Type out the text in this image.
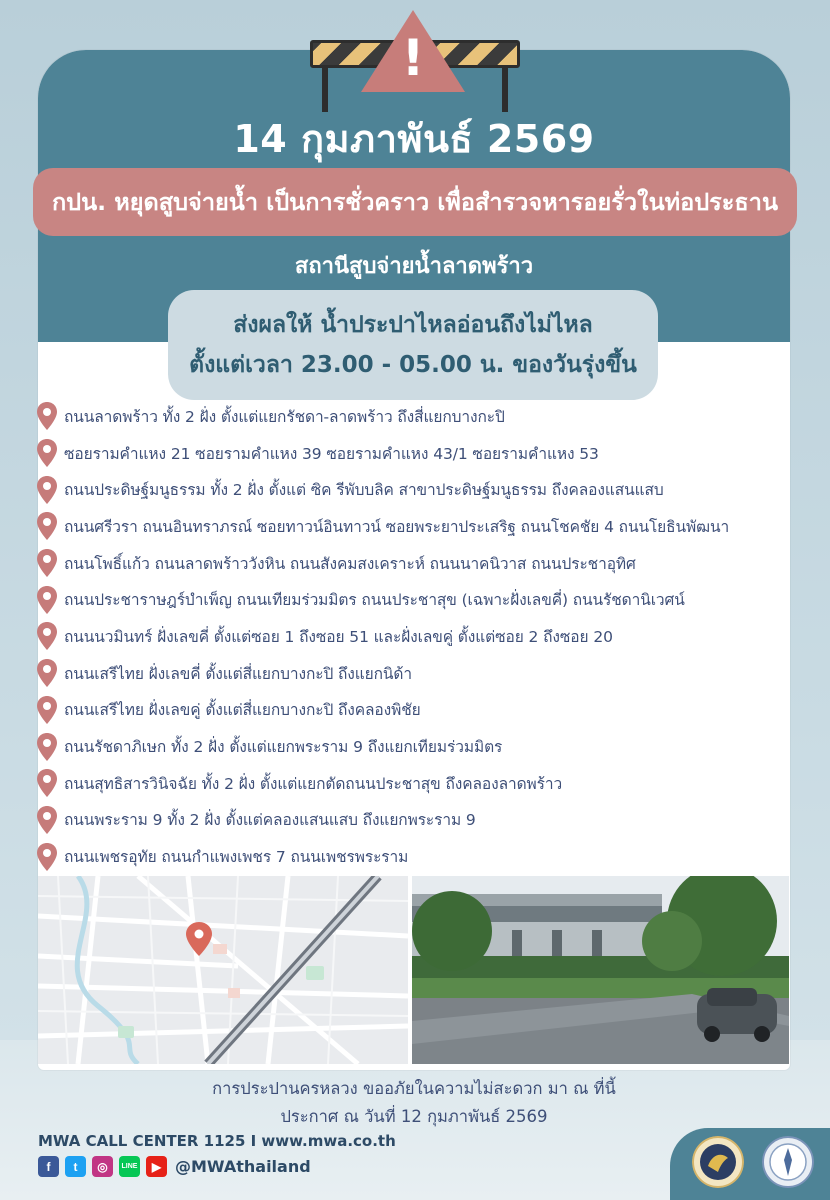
!
14 กุมภาพันธ์ 2569
กปน. หยุดสูบจ่ายน้ำ เป็นการชั่วคราว เพื่อสำรวจหารอยรั่วในท่อประธาน
สถานีสูบจ่ายน้ำลาดพร้าว
ส่งผลให้ น้ำประปาไหลอ่อนถึงไม่ไหล
ตั้งแต่เวลา 23.00 - 05.00 น. ของวันรุ่งขึ้น
ถนนลาดพร้าว ทั้ง 2 ฝั่ง ตั้งแต่แยกรัชดา-ลาดพร้าว ถึงสี่แยกบางกะปิ
ซอยรามคำแหง 21 ซอยรามคำแหง 39 ซอยรามคำแหง 43/1 ซอยรามคำแหง 53
ถนนประดิษฐ์มนูธรรม ทั้ง 2 ฝั่ง ตั้งแต่ ซิค รีพับบลิค สาขาประดิษฐ์มนูธรรม ถึงคลองแสนแสบ
ถนนศรีวรา ถนนอินทราภรณ์ ซอยทาวน์อินทาวน์ ซอยพระยาประเสริฐ ถนนโชคชัย 4 ถนนโยธินพัฒนา
ถนนโพธิ์แก้ว ถนนลาดพร้าววังหิน ถนนสังคมสงเคราะห์ ถนนนาคนิวาส ถนนประชาอุทิศ
ถนนประชาราษฎร์บำเพ็ญ ถนนเทียมร่วมมิตร ถนนประชาสุข (เฉพาะฝั่งเลขคี่) ถนนรัชดานิเวศน์
ถนนนวมินทร์ ฝั่งเลขคี่ ตั้งแต่ซอย 1 ถึงซอย 51 และฝั่งเลขคู่ ตั้งแต่ซอย 2 ถึงซอย 20
ถนนเสรีไทย ฝั่งเลขคี่ ตั้งแต่สี่แยกบางกะปิ ถึงแยกนิด้า
ถนนเสรีไทย ฝั่งเลขคู่ ตั้งแต่สี่แยกบางกะปิ ถึงคลองพิชัย
ถนนรัชดาภิเษก ทั้ง 2 ฝั่ง ตั้งแต่แยกพระราม 9 ถึงแยกเทียมร่วมมิตร
ถนนสุทธิสารวินิจฉัย ทั้ง 2 ฝั่ง ตั้งแต่แยกตัดถนนประชาสุข ถึงคลองลาดพร้าว
ถนนพระราม 9 ทั้ง 2 ฝั่ง ตั้งแต่คลองแสนแสบ ถึงแยกพระราม 9
ถนนเพชรอุทัย ถนนกำแพงเพชร 7 ถนนเพชรพระราม
การประปานครหลวง ขออภัยในความไม่สะดวก มา ณ ที่นี้
ประกาศ ณ วันที่ 12 กุมภาพันธ์ 2569
MWA CALL CENTER 1125 I www.mwa.co.th
f	t	◎	LINE	▶ @MWAthailand
